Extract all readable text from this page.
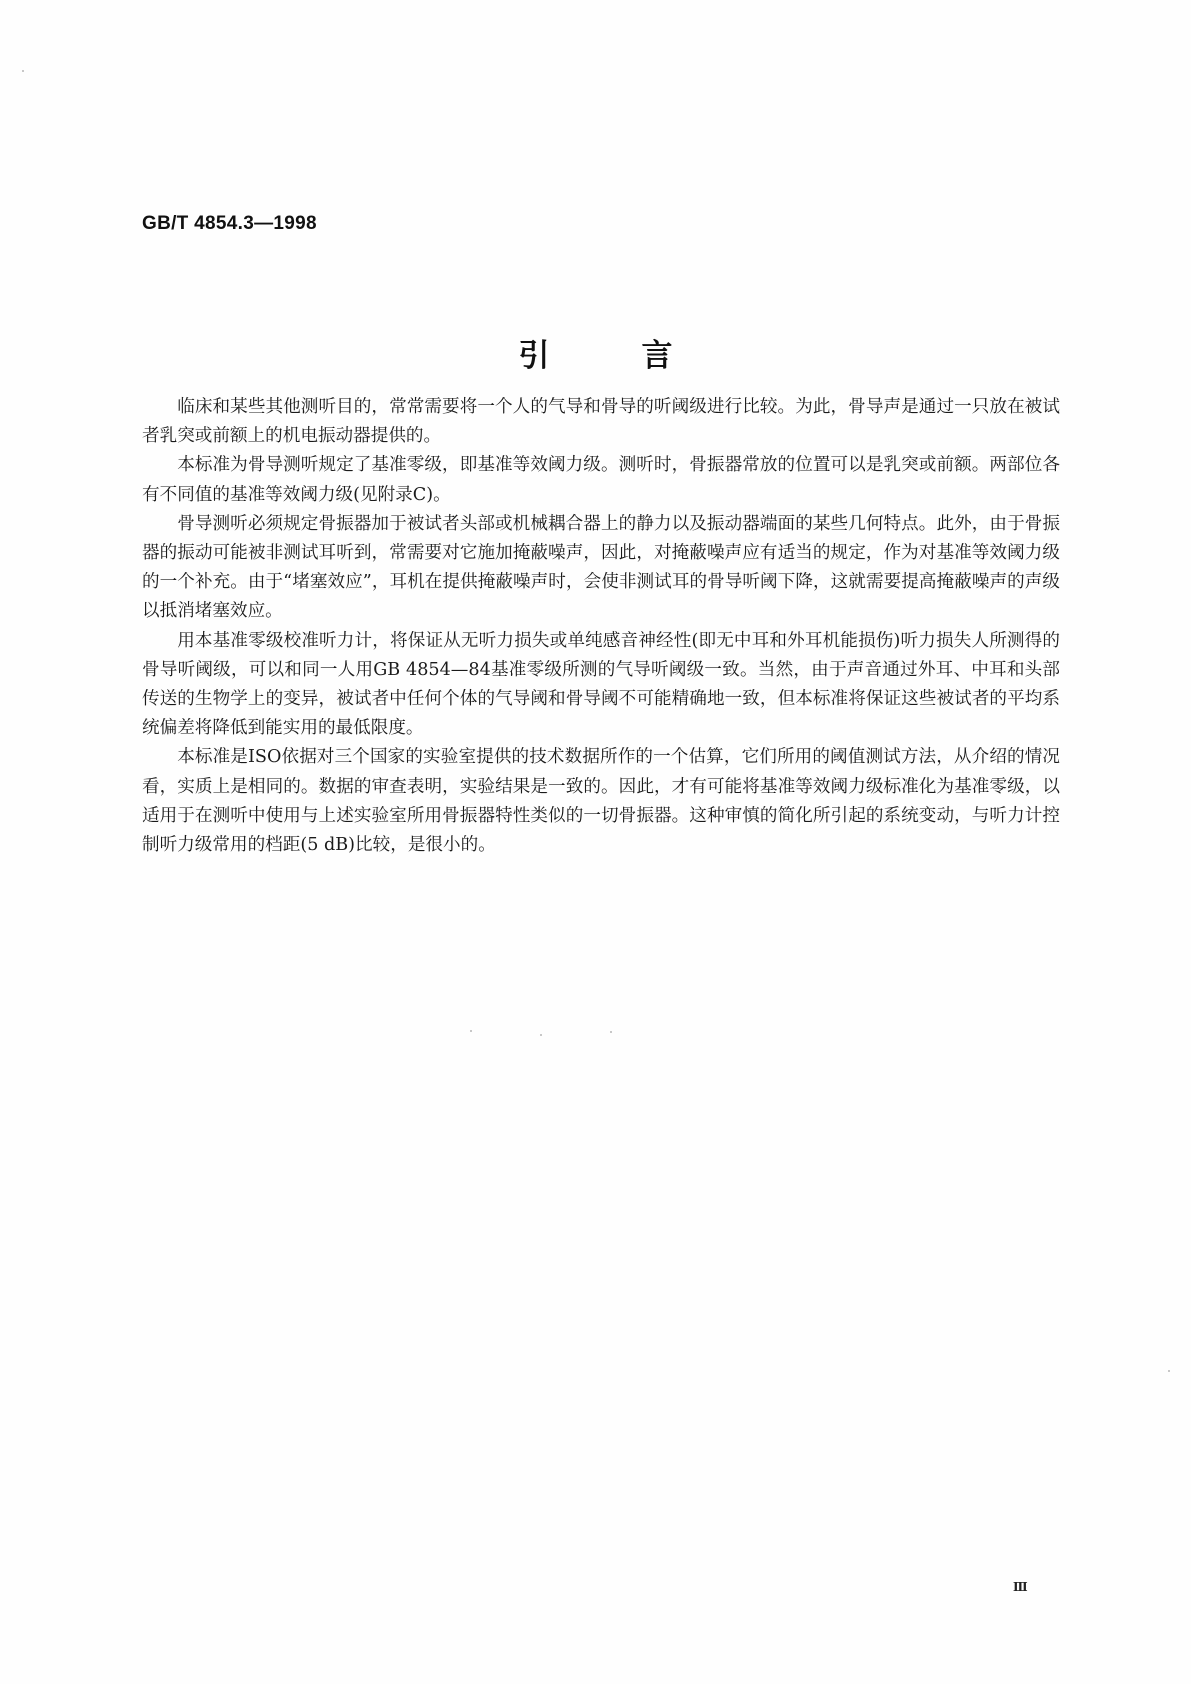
GB/T 4854.3—1998
引言

临床和某些其他测听目的，常常需要将一个人的气导和骨导的听阈级进行比较。为此，骨导声是通过一只放在被试者乳突或前额上的机电振动器提供的。

本标准为骨导测听规定了基准零级，即基准等效阈力级。测听时，骨振器常放的位置可以是乳突或前额。两部位各有不同值的基准等效阈力级(见附录C)。

骨导测听必须规定骨振器加于被试者头部或机械耦合器上的静力以及振动器端面的某些几何特点。此外，由于骨振器的振动可能被非测试耳听到，常需要对它施加掩蔽噪声，因此，对掩蔽噪声应有适当的规定，作为对基准等效阈力级的一个补充。由于“堵塞效应”，耳机在提供掩蔽噪声时，会使非测试耳的骨导听阈下降，这就需要提高掩蔽噪声的声级以抵消堵塞效应。

用本基准零级校准听力计，将保证从无听力损失或单纯感音神经性(即无中耳和外耳机能损伤)听力损失人所测得的骨导听阈级，可以和同一人用GB 4854—84基准零级所测的气导听阈级一致。当然，由于声音通过外耳、中耳和头部传送的生物学上的变异，被试者中任何个体的气导阈和骨导阈不可能精确地一致，但本标准将保证这些被试者的平均系统偏差将降低到能实用的最低限度。

本标准是ISO依据对三个国家的实验室提供的技术数据所作的一个估算，它们所用的阈值测试方法，从介绍的情况看，实质上是相同的。数据的审查表明，实验结果是一致的。因此，才有可能将基准等效阈力级标准化为基准零级，以适用于在测听中使用与上述实验室所用骨振器特性类似的一切骨振器。这种审慎的简化所引起的系统变动，与听力计控制听力级常用的档距(5 dB)比较，是很小的。

Ⅲ
